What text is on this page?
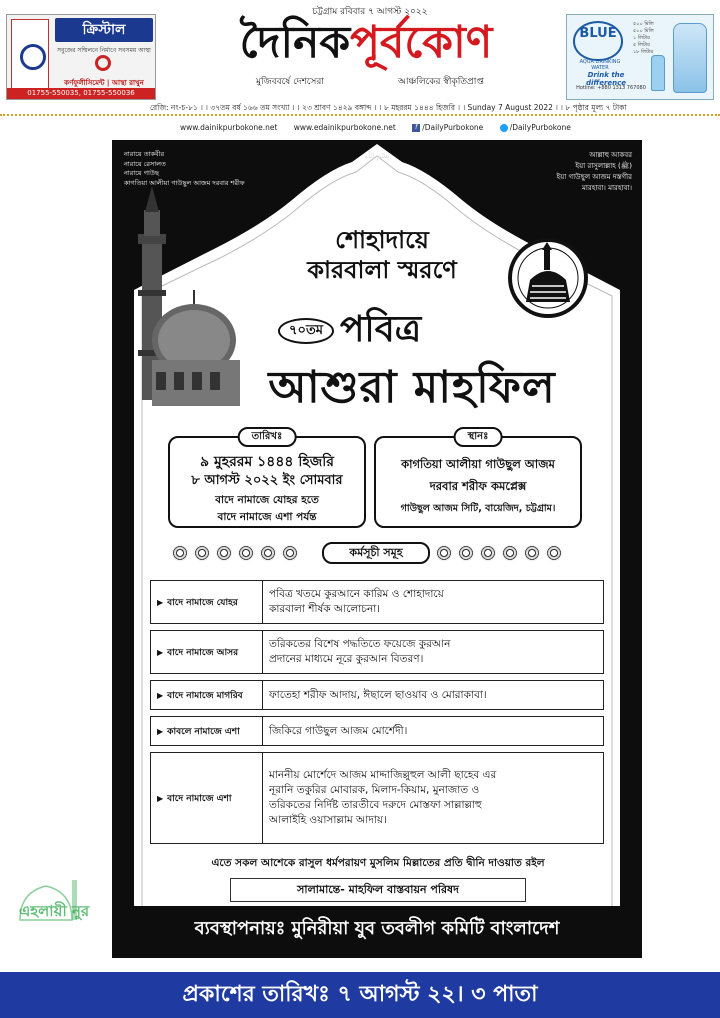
ক্রিস্টাল
সবুজের সম্মিলনে নির্মাণে সবসময় আস্থা
কর্ণফুলীসিমেন্ট | আস্থা রাখুন
01755-550035, 01755-550036
চট্টগ্রাম রবিবার ৭ আগস্ট ২০২২
দৈনিকপূর্বকোণ
মুজিববর্ষে দেশসেরা	আঞ্চলিকের স্বীকৃতিপ্রাপ্ত
BLUE
AQUA DRINKING WATER
৫০০ মিলি
৫০০ মিলি
১ লিটার
৫ লিটার
১৮ লিটার
Drink the difference
Hotline: +880 1313 767080
রেজি: নং-চ-৮১ । । ৩৭তম বর্ষ ১৬৬ তম সংখ্যা । । ২৩ শ্রাবণ ১৪২৯ বঙ্গাব্দ । । ৮ মহররম ১৪৪৪ হিজরি । । Sunday 7 August 2022 । । ৮ পৃষ্ঠার মূল্য ৭ টাকা
www.dainikpurbokone.net www.edainikpurbokone.net	f /DailyPurbokone	/DailyPurbokone
بِسْمِ اللّٰهِ
নারায়ে তাকবীর
নারায়ে রেসালত
নারায়ে গাউছ
কাগতিয়া আলীয়া গাউছুল আজম দরবার শরীফ
আল্লাহু আকবর
ইয়া রাসুলাল্লাহ (ﷺ)
ইয়া গাউছুল আজম দস্তগীর
মারহাবা। মারহাবা।
শোহাদায়ে
কারবালা স্মরণে
৭০তম পবিত্র
আশুরা মাহফিল
তারিখঃ
৯ মুহররম ১৪৪৪ হিজরি
৮ আগস্ট ২০২২ ইং সোমবার
বাদে নামাজে যোহর হতে
বাদে নামাজে এশা পর্যন্ত
স্থানঃ
কাগতিয়া আলীয়া গাউছুল আজম
দরবার শরীফ কমপ্লেক্স
গাউছুল আজম সিটি, বায়েজিদ, চট্টগ্রাম।
কর্মসূচী সমূহ
▶ বাদে নামাজে যোহর
পবিত্র খতমে কুরআনে কারিম ও শোহাদায়ে
কারবালা শীর্ষক আলোচনা।
▶ বাদে নামাজে আসর
তরিকতের বিশেষ পদ্ধতিতে ফয়েজে কুরআন
প্রদানের মাধ্যমে নূরে কুরআন বিতরণ।
▶ বাদে নামাজে মাগরিব	ফাতেহা শরীফ আদায়, ঈছালে ছাওয়াব ও মোরাকাবা।
▶ কাবলে নামাজে এশা	জিকিরে গাউছুল আজম মোর্শেদী।
▶ বাদে নামাজে এশা
মাননীয় মোর্শেদে আজম মাদ্দাজিল্লুহুল আলী ছাহেব এর
নূরানি তকুরির মোবারক, মিলাদ-কিয়াম, মুনাজাত ও
তরিকতের নির্দিষ্ট তারতীবে দরুদে মোস্তফা সাল্লাল্লাহু
আলাইহি ওয়াসাল্লাম আদায়।
এতে সকল আশেকে রাসুল ধর্মপরায়ণ মুসলিম মিল্লাতের প্রতি দ্বীনি দাওয়াত রইল
সালামান্তে- মাহফিল বাস্তবায়ন পরিষদ
ব্যবস্থাপনায়ঃ মুনিরীয়া যুব তবলীগ কমিটি বাংলাদেশ
এহলায়ী নুর
প্রকাশের তারিখঃ ৭ আগস্ট ২২। ৩ পাতা
